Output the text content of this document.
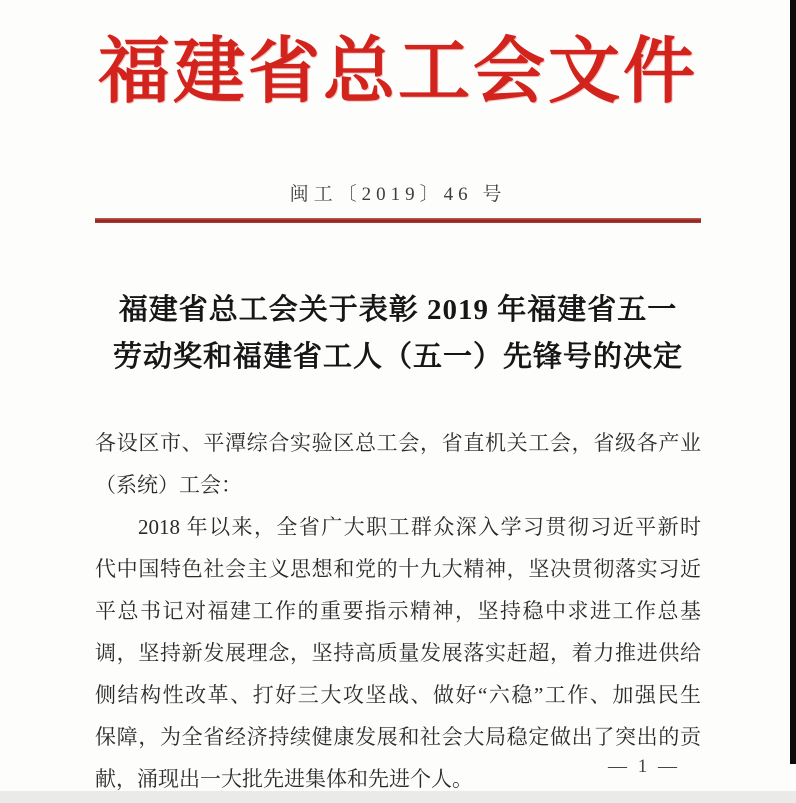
福建省总工会文件
闽工〔2019〕46 号
福建省总工会关于表彰 2019 年福建省五一
劳动奖和福建省工人（五一）先锋号的决定
各设区市、平潭综合实验区总工会，省直机关工会，省级各产业
（系统）工会：
2018 年以来，全省广大职工群众深入学习贯彻习近平新时
代中国特色社会主义思想和党的十九大精神，坚决贯彻落实习近
平总书记对福建工作的重要指示精神，坚持稳中求进工作总基
调，坚持新发展理念，坚持高质量发展落实赶超，着力推进供给
侧结构性改革、打好三大攻坚战、做好“六稳”工作、加强民生
保障，为全省经济持续健康发展和社会大局稳定做出了突出的贡
献，涌现出一大批先进集体和先进个人。
— 1 —
